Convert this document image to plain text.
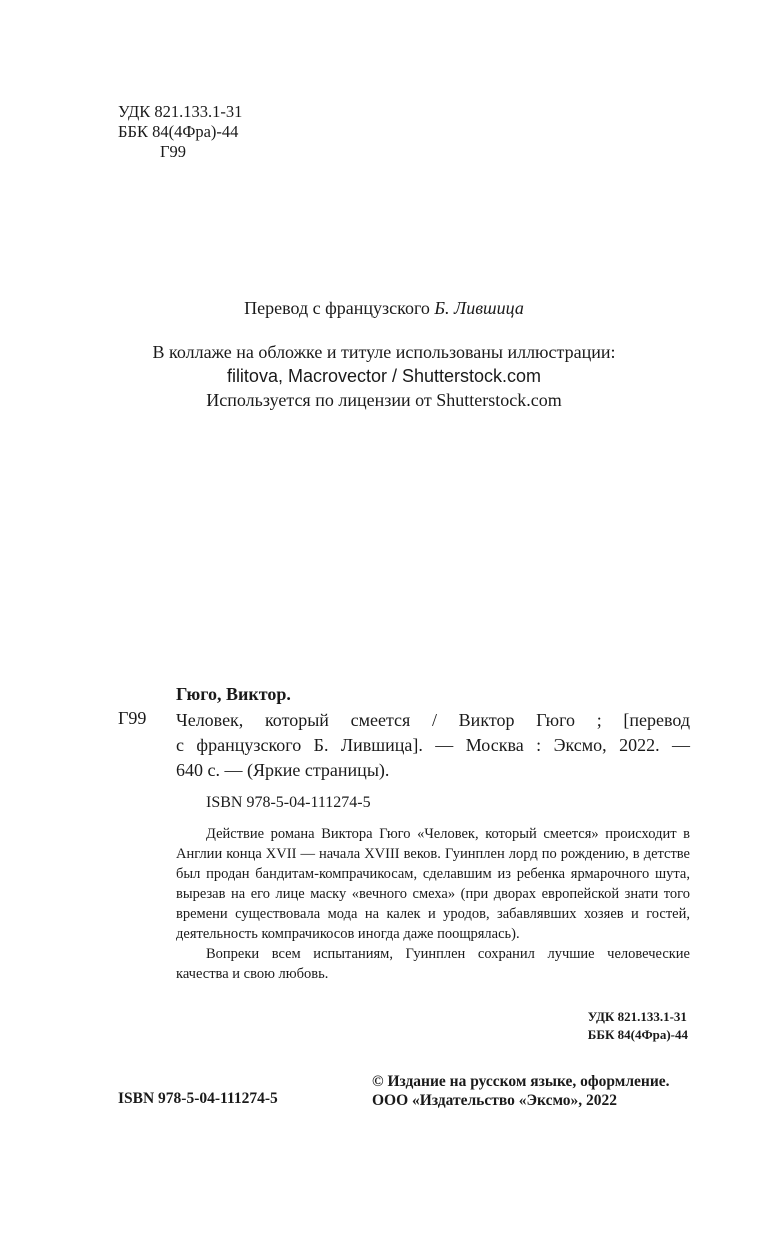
УДК 821.133.1-31
ББК 84(4Фра)-44
Г99
Перевод с французского Б. Лившица
В коллаже на обложке и титуле использованы иллюстрации:
filitova, Macrovector / Shutterstock.com
Используется по лицензии от Shutterstock.com
Гюго, Виктор.
Г99 Человек, который смеется / Виктор Гюго ; [перевод
с французского Б. Лившица]. — Москва : Эксмо, 2022. —
640 с. — (Яркие страницы).
ISBN 978-5-04-111274-5

Действие романа Виктора Гюго «Человек, который смеется» происходит в Англии конца XVII — начала XVIII веков. Гуинплен лорд по рождению, в детстве был продан бандитам-компрачикосам, сделавшим из ребенка ярмарочного шута, вырезав на его лице маску «вечного смеха» (при дворах европейской знати того времени существовала мода на калек и уродов, забавлявших хозяев и гостей, деятельность компрачикосов иногда даже поощрялась).

Вопреки всем испытаниям, Гуинплен сохранил лучшие человеческие качества и свою любовь.

УДК 821.133.1-31
ББК 84(4Фра)-44
ISBN 978-5-04-111274-5
© Издание на русском языке, оформление.
ООО «Издательство «Эксмо», 2022
